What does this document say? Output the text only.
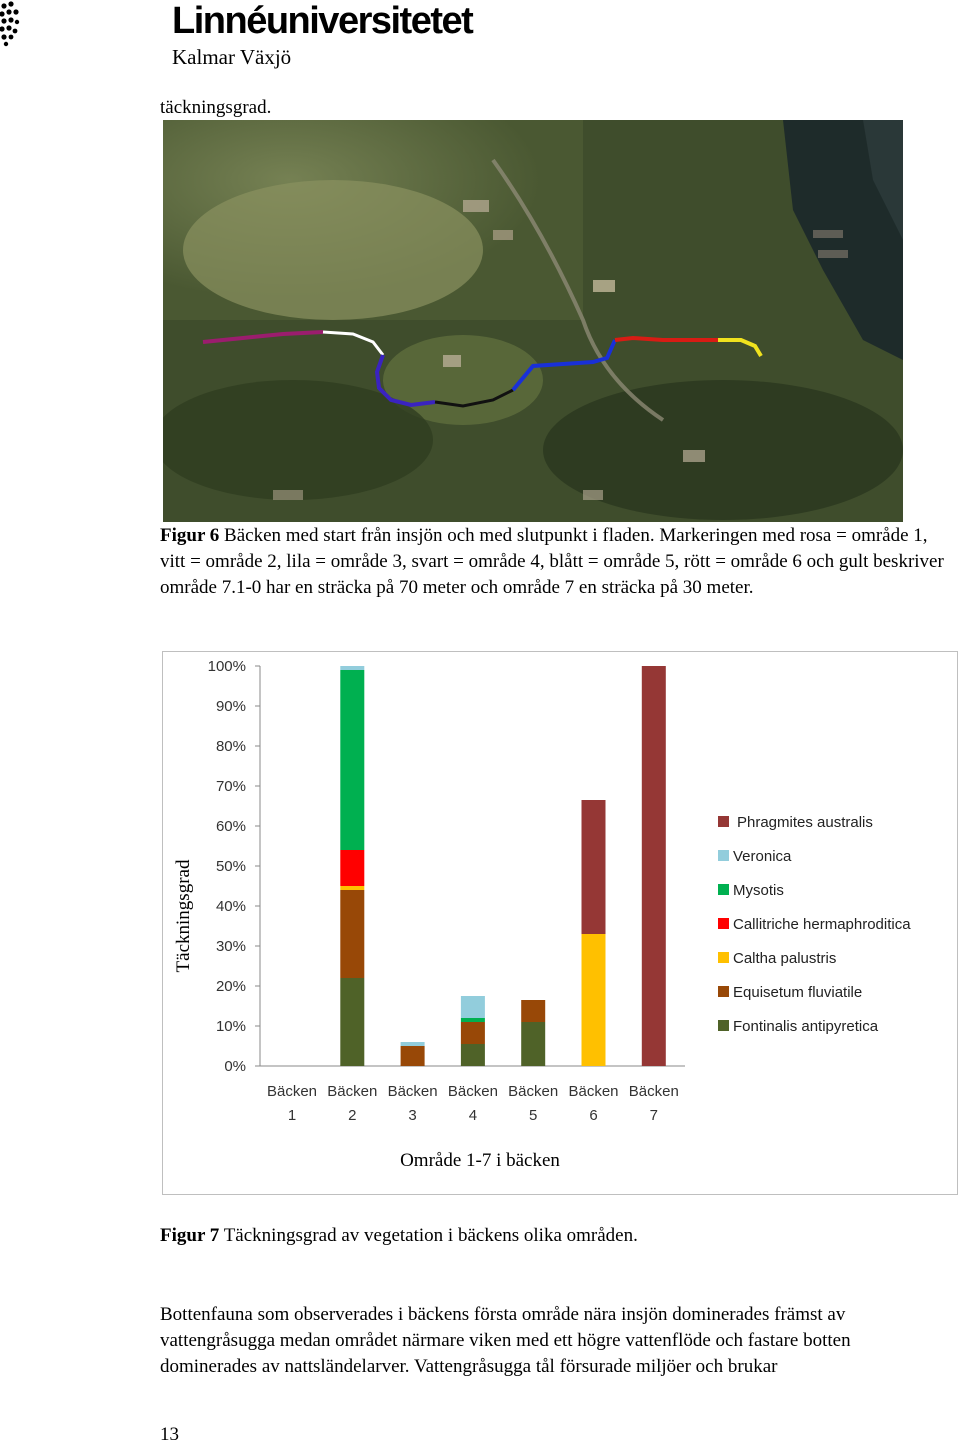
Linnéuniversitetet
Kalmar Växjö

täckningsgrad.

Figur 6 Bäcken med start från insjön och med slutpunkt i fladen. Markeringen med rosa = område 1, vitt = område 2, lila = område 3, svart = område 4, blått = område 5, rött = område 6 och gult beskriver område 7.1-0 har en sträcka på 70 meter och område 7 en sträcka på 30 meter.

0%
10%
20%
30%
40%
50%
60%
70%
80%
90%
100%
Bäcken
1
Bäcken
2
Bäcken
3
Bäcken
4
Bäcken
5
Bäcken
6
Bäcken
7
Phragmites australis
Veronica
Mysotis
Callitriche hermaphroditica
Caltha palustris
Equisetum fluviatile
Fontinalis antipyretica
Täckningsgrad
Område 1-7 i bäcken

Figur 7 Täckningsgrad av vegetation i bäckens olika områden.

Bottenfauna som observerades i bäckens första område nära insjön dominerades främst av vattengråsugga medan området närmare viken med ett högre vattenflöde och fastare botten dominerades av nattsländelarver. Vattengråsugga tål försurade miljöer och brukar

13
